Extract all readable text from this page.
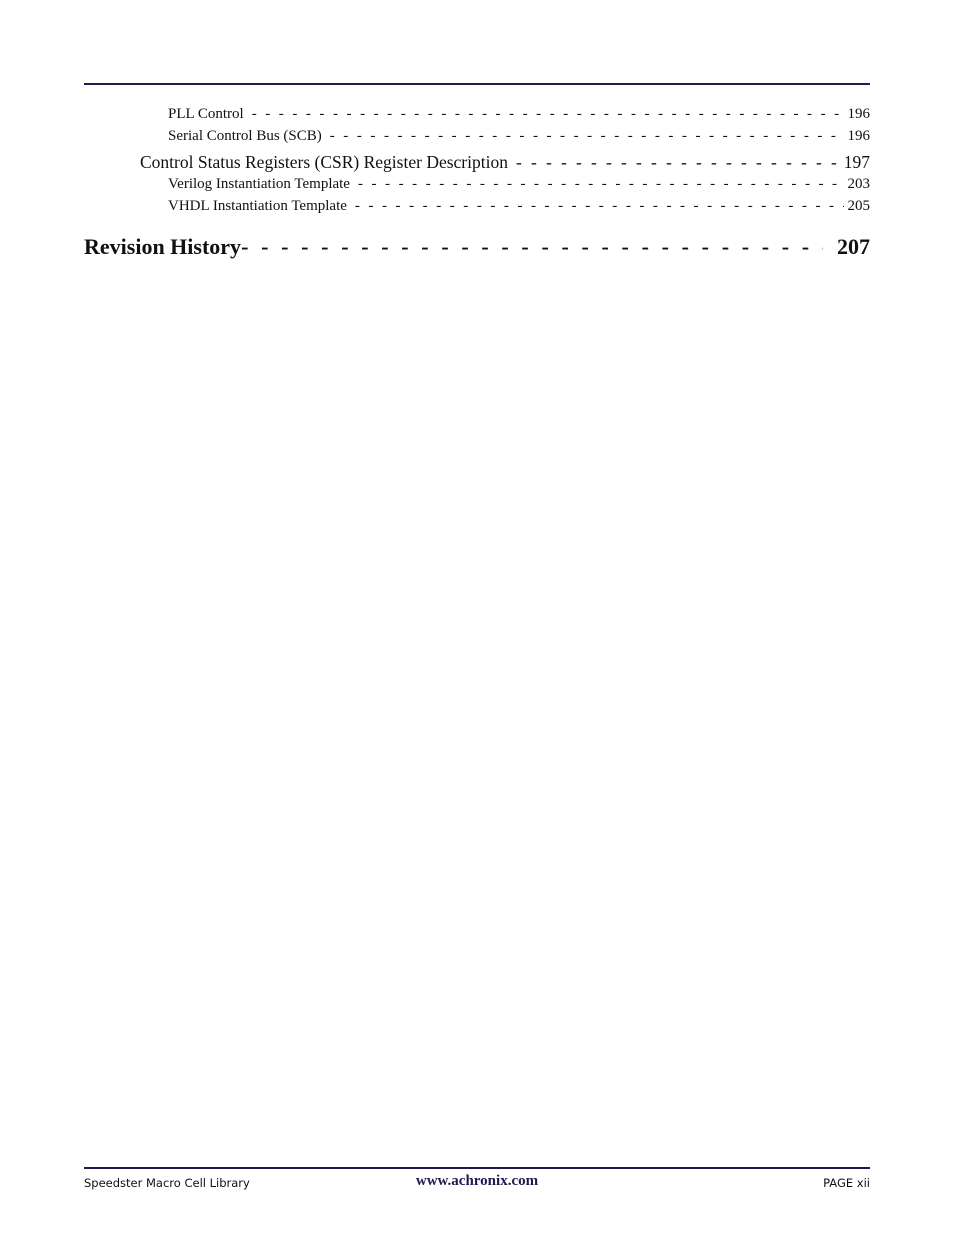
PLL Control - - -	196
Serial Control Bus (SCB) - - -	196
Control Status Registers (CSR) Register Description - - -	197
Verilog Instantiation Template - - -	203
VHDL Instantiation Template - - -	205
Revision History - - -	207
Speedster Macro Cell Library	www.achronix.com	PAGE xii
